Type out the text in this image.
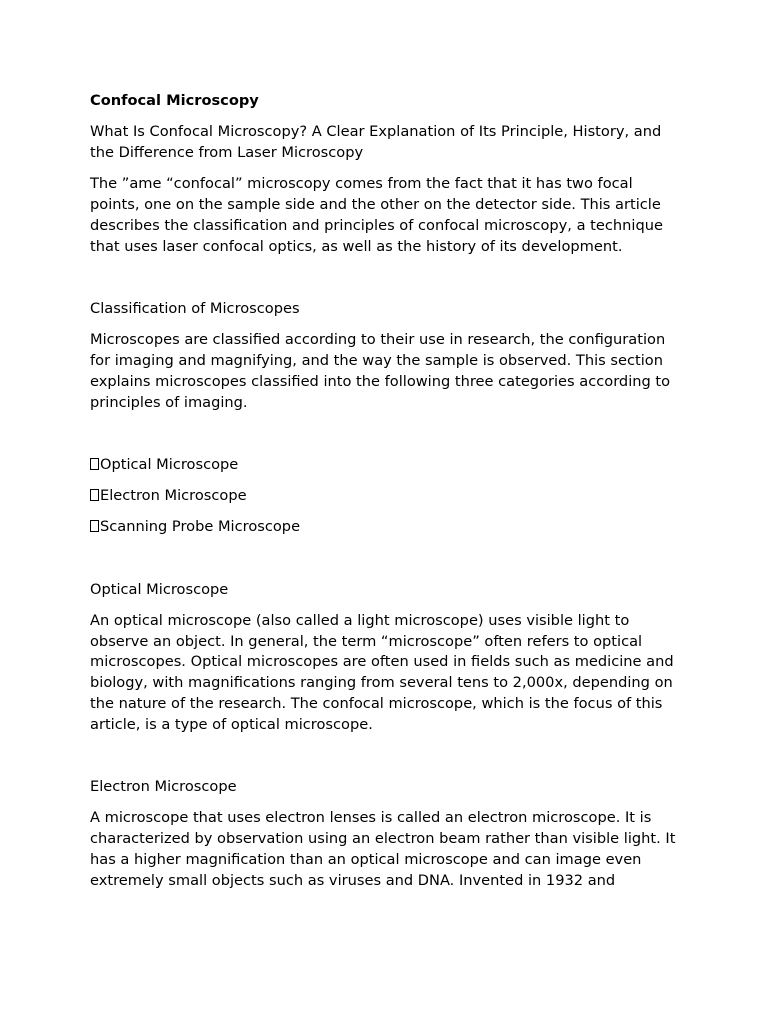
Confocal Microscopy

What Is Confocal Microscopy? A Clear Explanation of Its Principle, History, and the Difference from Laser Microscopy

The ”ame “confocal” microscopy comes from the fact that it has two focal points, one on the sample side and the other on the detector side. This article describes the classification and principles of confocal microscopy, a technique that uses laser confocal optics, as well as the history of its development.

Classification of Microscopes

Microscopes are classified according to their use in research, the configuration for imaging and magnifying, and the way the sample is observed. This section explains microscopes classified into the following three categories according to principles of imaging.

Optical Microscope

Electron Microscope

Scanning Probe Microscope

Optical Microscope

An optical microscope (also called a light microscope) uses visible light to observe an object. In general, the term “microscope” often refers to optical microscopes. Optical microscopes are often used in fields such as medicine and biology, with magnifications ranging from several tens to 2,000x, depending on the nature of the research. The confocal microscope, which is the focus of this article, is a type of optical microscope.

Electron Microscope

A microscope that uses electron lenses is called an electron microscope. It is characterized by observation using an electron beam rather than visible light. It has a higher magnification than an optical microscope and can image even extremely small objects such as viruses and DNA. Invented in 1932 and
